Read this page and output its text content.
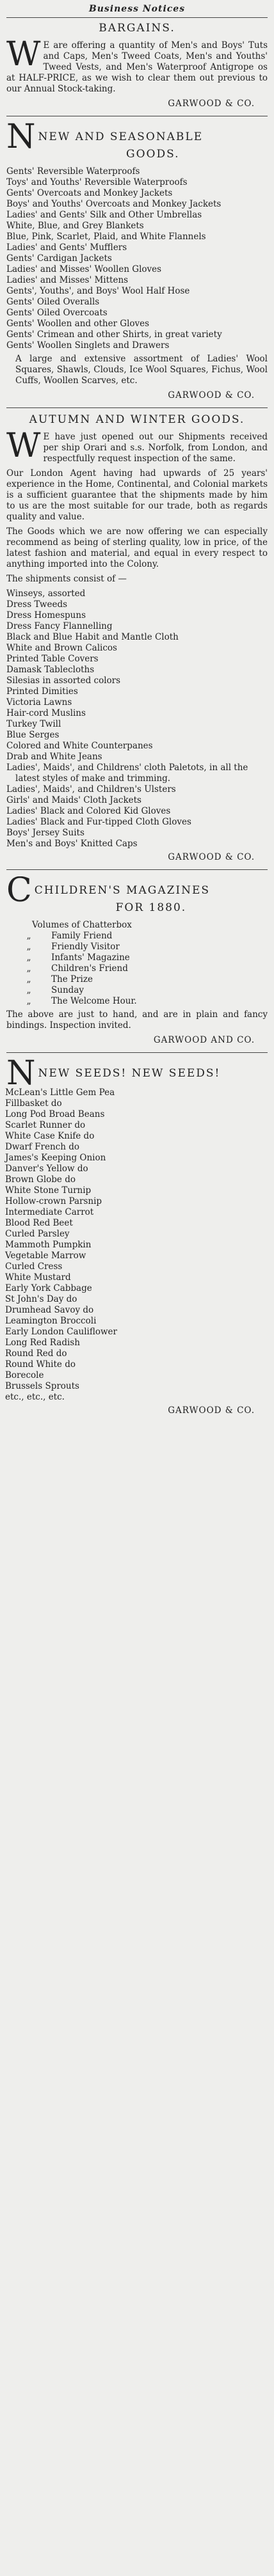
Business Notices
BARGAINS.

W E are offering a quantity of Men's and Boys' Tuts and Caps, Men's Tweed Coats, Men's and Youths' Tweed Vests, and Men's Waterproof Antigrope os at HALF-PRICE, as we wish to clear them out previous to our Annual Stock-taking.

GARWOOD & CO.
N NEW AND SEASONABLE
GOODS.
Gents' Reversible Waterproofs
Toys' and Youths' Reversible Waterproofs
Gents' Overcoats and Monkey Jackets
Boys' and Youths' Overcoats and Monkey Jackets
Ladies' and Gents' Silk and Other Umbrellas
White, Blue, and Grey Blankets
Blue, Pink, Scarlet, Plaid, and White Flannels
Ladies' and Gents' Mufflers
Gents' Cardigan Jackets
Ladies' and Misses' Woollen Gloves
Ladies' and Misses' Mittens
Gents', Youths', and Boys' Wool Half Hose
Gents' Oiled Overalls
Gents' Oiled Overcoats
Gents' Woollen and other Gloves
Gents' Crimean and other Shirts, in great variety
Gents' Woollen Singlets and Drawers

A large and extensive assortment of Ladies' Wool Squares, Shawls, Clouds, Ice Wool Squares, Fichus, Wool Cuffs, Woollen Scarves, etc.

GARWOOD & CO.
AUTUMN AND WINTER GOODS.

W E have just opened out our Shipments received per ship Orari and s.s. Norfolk, from London, and respectfully request inspection of the same.

Our London Agent having had upwards of 25 years' experience in the Home, Continental, and Colonial markets is a sufficient guarantee that the shipments made by him to us are the most suitable for our trade, both as regards quality and value.

The Goods which we are now offering we can especially recommend as being of sterling quality, low in price, of the latest fashion and material, and equal in every respect to anything imported into the Colony.

The shipments consist of —

Winseys, assorted
Dress Tweeds
Dress Homespuns
Dress Fancy Flannelling
Black and Blue Habit and Mantle Cloth
White and Brown Calicos
Printed Table Covers
Damask Tablecloths
Silesias in assorted colors
Printed Dimities
Victoria Lawns
Hair-cord Muslins
Turkey Twill
Blue Serges
Colored and White Counterpanes
Drab and White Jeans
Ladies', Maids', and Childrens' cloth Paletots, in all the latest styles of make and trimming.
Ladies', Maids', and Children's Ulsters
Girls' and Maids' Cloth Jackets
Ladies' Black and Colored Kid Gloves
Ladies' Black and Fur-tipped Cloth Gloves
Boys' Jersey Suits
Men's and Boys' Knitted Caps
GARWOOD & CO.
C CHILDREN'S MAGAZINES
FOR 1880.
Volumes of Chatterbox
„	Family Friend
„	Friendly Visitor
„	Infants' Magazine
„	Children's Friend
„	The Prize
„	Sunday
„	The Welcome Hour.

The above are just to hand, and are in plain and fancy bindings. Inspection invited.

GARWOOD AND CO.
N NEW SEEDS! NEW SEEDS!
McLean's Little Gem Pea
Fillbasket do
Long Pod Broad Beans
Scarlet Runner do
White Case Knife do
Dwarf French do
James's Keeping Onion
Danver's Yellow do
Brown Globe do
White Stone Turnip
Hollow-crown Parsnip
Intermediate Carrot
Blood Red Beet
Curled Parsley
Mammoth Pumpkin
Vegetable Marrow
Curled Cress
White Mustard
Early York Cabbage
St John's Day do
Drumhead Savoy do
Leamington Broccoli
Early London Cauliflower
Long Red Radish
Round Red do
Round White do
Borecole
Brussels Sprouts
etc., etc., etc.
GARWOOD & CO.
